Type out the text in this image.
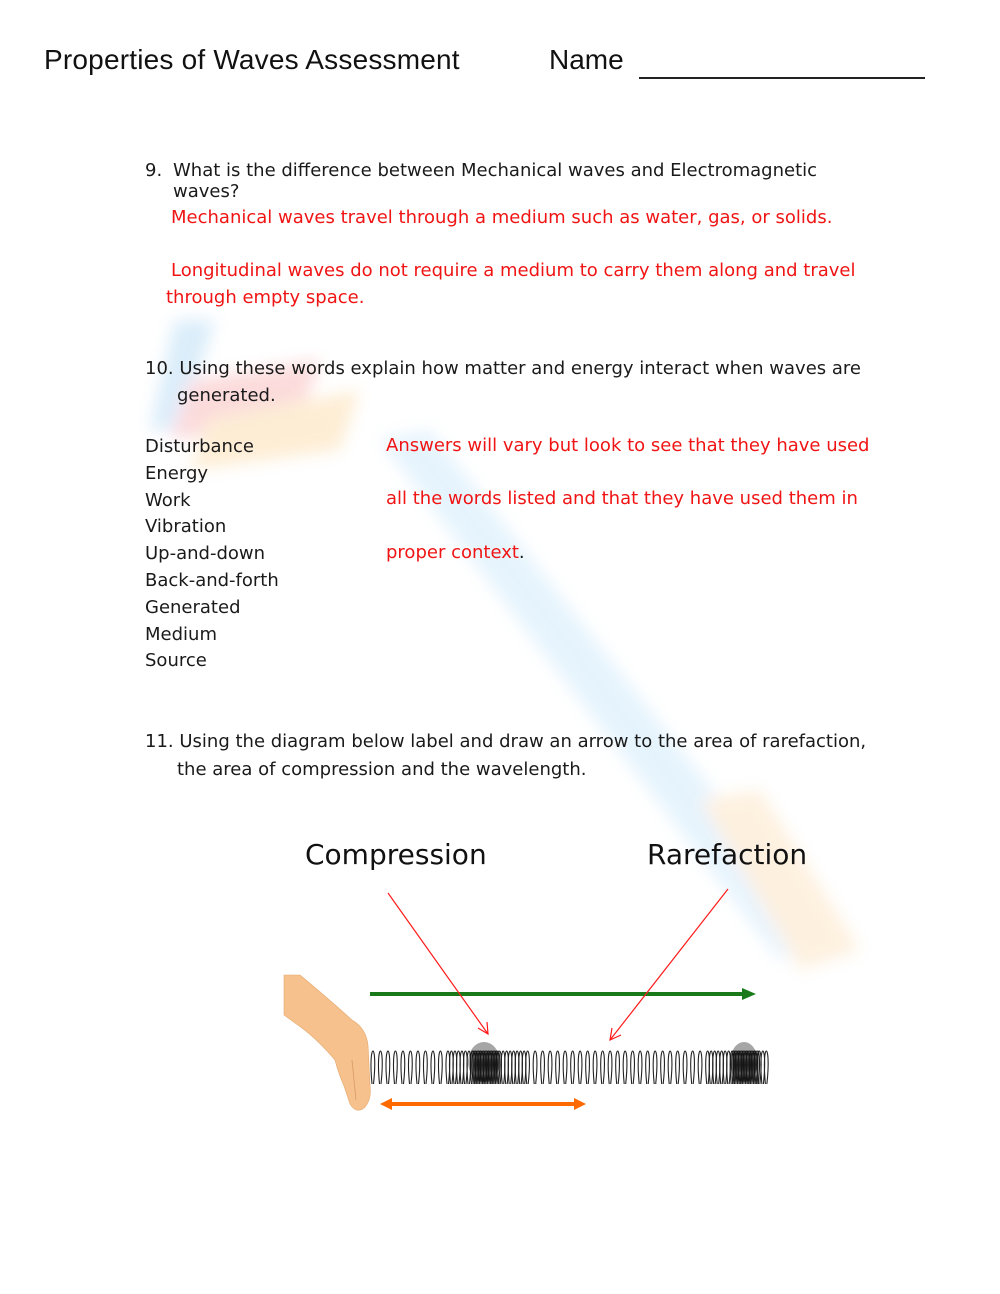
Properties of Waves Assessment	Name
9. What is the difference between Mechanical waves and Electromagnetic
waves?
Mechanical waves travel through a medium such as water, gas, or solids.
Longitudinal waves do not require a medium to carry them along and travel
through empty space.
10. Using these words explain how matter and energy interact when waves are
generated.
Disturbance
Energy
Work
Vibration
Up-and-down
Back-and-forth
Generated
Medium
Source
Answers will vary but look to see that they have used
all the words listed and that they have used them in
proper context.
11. Using the diagram below label and draw an arrow to the area of rarefaction,
the area of compression and the wavelength.
Compression	Rarefaction
